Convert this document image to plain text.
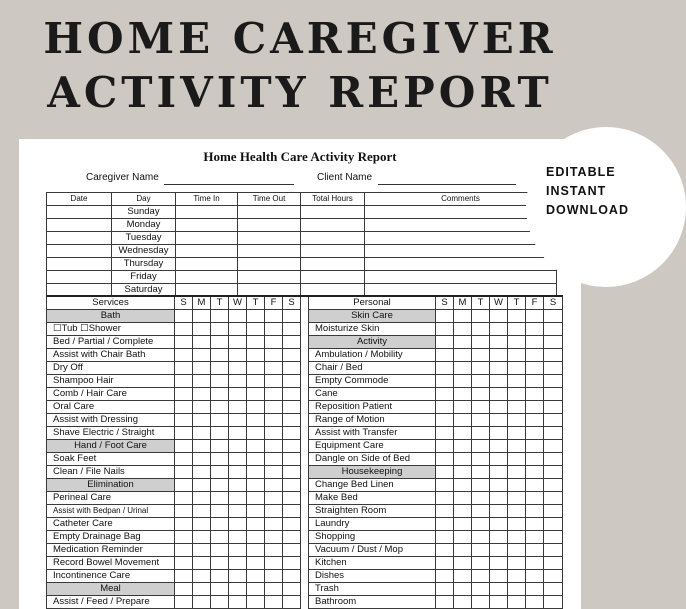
HOME CAREGIVER
ACTIVITY REPORT
Home Health Care Activity Report
Caregiver Name	Client Name
Date	Day	Time In	Time Out	Total Hours	Comments
	Sunday				
	Monday				
	Tuesday				
	Wednesday				
	Thursday				
	Friday				
	Saturday				
Services	S	M	T	W	T	F	S		Personal	S	M	T	W	T	F	S
Bath									Skin Care							
☐Tub ☐Shower									Moisturize Skin							
Bed / Partial / Complete									Activity							
Assist with Chair Bath									Ambulation / Mobility							
Dry Off									Chair / Bed							
Shampoo Hair									Empty Commode							
Comb / Hair Care									Cane							
Oral Care									Reposition Patient							
Assist with Dressing									Range of Motion							
Shave Electric / Straight									Assist with Transfer							
Hand / Foot Care									Equipment Care							
Soak Feet									Dangle on Side of Bed							
Clean / File Nails									Housekeeping							
Elimination									Change Bed Linen							
Perineal Care									Make Bed							
Assist with Bedpan / Urinal									Straighten Room							
Catheter Care									Laundry							
Empty Drainage Bag									Shopping							
Medication Reminder									Vacuum / Dust / Mop							
Record Bowel Movement									Kitchen							
Incontinence Care									Dishes							
Meal									Trash							
Assist / Feed / Prepare									Bathroom							
EDITABLE
INSTANT
DOWNLOAD
